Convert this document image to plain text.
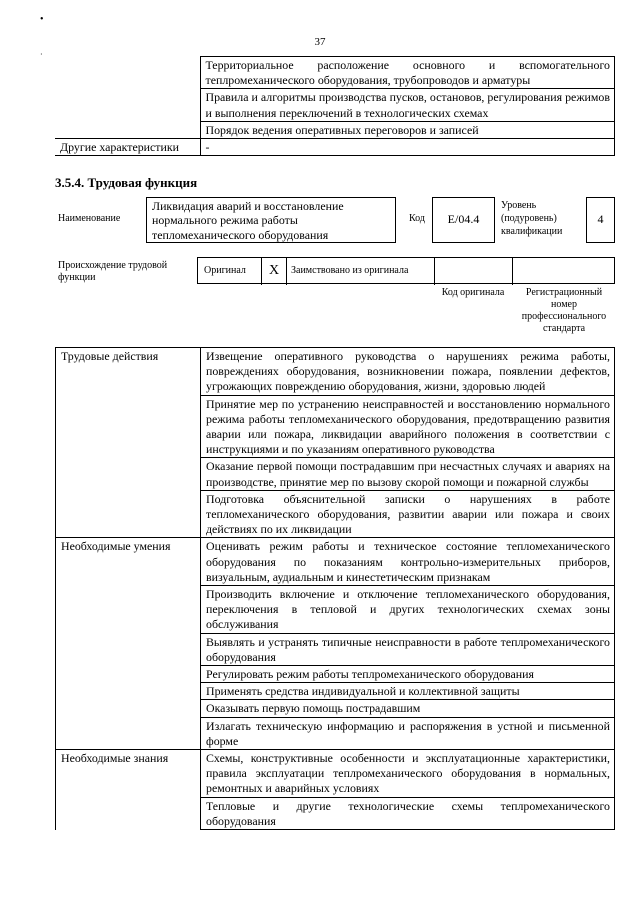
•
·
37
	Территориальное расположение основного и вспомогательного теплромеханического оборудования, трубопроводов и арматуры
	Правила и алгоритмы производства пусков, остановов, регулирования режимов и выполнения переключений в технологических схемах
	Порядок ведения оперативных переговоров и записей
Другие характеристики	-
3.5.4. Трудовая функция
Наименование
Ликвидация аварий и восстановление нормального режима работы тепломеханического оборудования
Код	E/04.4
Уровень
(подуровень)
квалификации
4
Происхождение трудовой функции
Оригинал	X	Заимствовано из оригинала
Код оригинала	Регистрационный номер профессионального стандарта
Трудовые действия	Извещение оперативного руководства о нарушениях режима работы, повреждениях оборудования, возникновении пожара, появлении дефектов, угрожающих повреждению оборудования, жизни, здоровью людей
	Принятие мер по устранению неисправностей и восстановлению нормального режима работы тепломеханического оборудования, предотвращению развития аварии или пожара, ликвидации аварийного положения в соответствии с инструкциями и по указаниям оперативного руководства
	Оказание первой помощи пострадавшим при несчастных случаях и авариях на производстве, принятие мер по вызову скорой помощи и пожарной службы
	Подготовка объяснительной записки о нарушениях в работе тепломеханического оборудования, развитии аварии или пожара и своих действиях по их ликвидации
Необходимые умения	Оценивать режим работы и техническое состояние тепломеханического оборудования по показаниям контрольно-измерительных приборов, визуальным, аудиальным и кинестетическим признакам
	Производить включение и отключение тепломеханического оборудования, переключения в тепловой и других технологических схемах зоны обслуживания
	Выявлять и устранять типичные неисправности в работе теплромеханического оборудования
	Регулировать режим работы теплромеханического оборудования
	Применять средства индивидуальной и коллективной защиты
	Оказывать первую помощь пострадавшим
	Излагать техническую информацию и распоряжения в устной и письменной форме
Необходимые знания	Схемы, конструктивные особенности и эксплуатационные характеристики, правила эксплуатации теплромеханического оборудования в нормальных, ремонтных и аварийных условиях
	Тепловые и другие технологические схемы теплромеханического оборудования
